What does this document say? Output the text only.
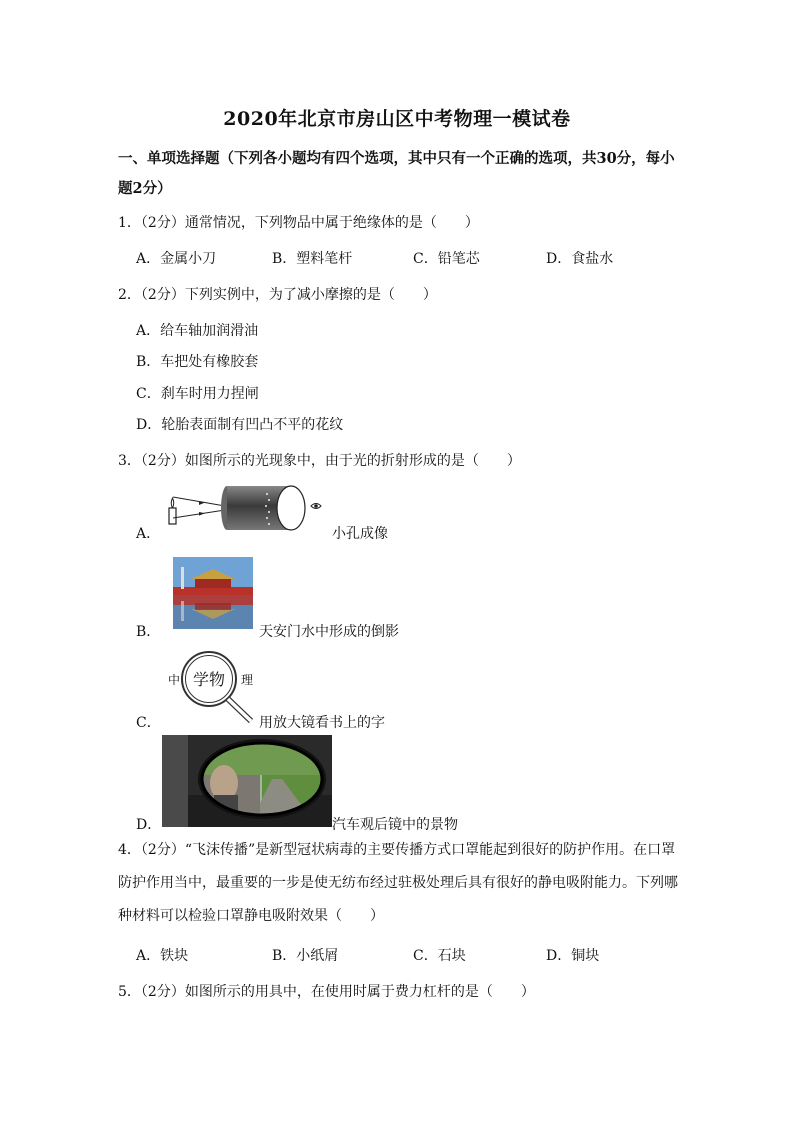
2020年北京市房山区中考物理一模试卷
一、单项选择题（下列各小题均有四个选项，其中只有一个正确的选项，共30分，每小题2分）
1．（2分）通常情况，下列物品中属于绝缘体的是（　　）
A．金属小刀	B．塑料笔杆	C．铅笔芯	D．食盐水
2．（2分）下列实例中，为了减小摩擦的是（　　）
A．给车轴加润滑油
B．车把处有橡胶套
C．刹车时用力捏闸
D．轮胎表面制有凹凸不平的花纹
3．（2分）如图所示的光现象中，由于光的折射形成的是（　　）
A．	小孔成像
B．	天安门水中形成的倒影
C．
中 学物 理
用放大镜看书上的字
D．	汽车观后镜中的景物
4．（2分）“飞沫传播”是新型冠状病毒的主要传播方式口罩能起到很好的防护作用。在口罩防护作用当中，最重要的一步是使无纺布经过驻极处理后具有很好的静电吸附能力。下列哪种材料可以检验口罩静电吸附效果（　　）
A．铁块	B．小纸屑	C．石块	D．铜块
5．（2分）如图所示的用具中，在使用时属于费力杠杆的是（　　）
